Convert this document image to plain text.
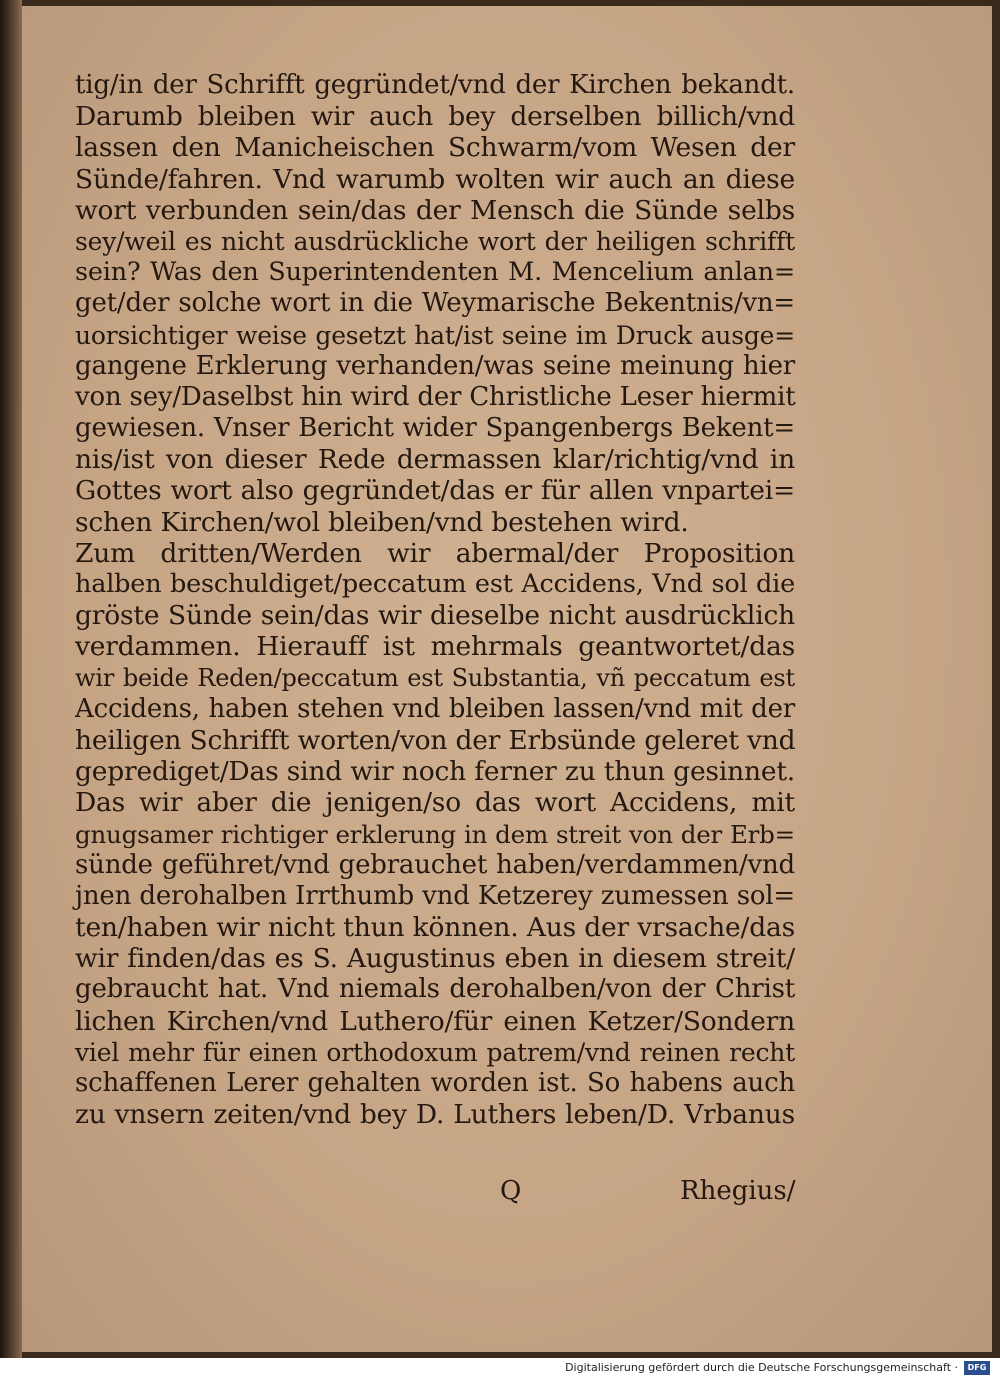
tig/in der Schrifft gegründet/vnd der Kirchen bekandt.
Darumb bleiben wir auch bey derselben billich/vnd
lassen den Manicheischen Schwarm/vom Wesen der
Sünde/fahren. Vnd warumb wolten wir auch an diese
wort verbunden sein/das der Mensch die Sünde selbs
sey/weil es nicht ausdrückliche wort der heiligen schrifft
sein? Was den Superintendenten M. Mencelium anlan=
get/der solche wort in die Weymarische Bekentnis/vn=
uorsichtiger weise gesetzt hat/ist seine im Druck ausge=
gangene Erklerung verhanden/was seine meinung hier
von sey/Daselbst hin wird der Christliche Leser hiermit
gewiesen. Vnser Bericht wider Spangenbergs Bekent=
nis/ist von dieser Rede dermassen klar/richtig/vnd in
Gottes wort also gegründet/das er für allen vnpartei=
schen Kirchen/wol bleiben/vnd bestehen wird.
Zum dritten/Werden wir abermal/der Proposition
halben beschuldiget/peccatum est Accidens, Vnd sol die
gröste Sünde sein/das wir dieselbe nicht ausdrücklich
verdammen. Hierauff ist mehrmals geantwortet/das
wir beide Reden/peccatum est Substantia, vñ peccatum est
Accidens, haben stehen vnd bleiben lassen/vnd mit der
heiligen Schrifft worten/von der Erbsünde geleret vnd
geprediget/Das sind wir noch ferner zu thun gesinnet.
Das wir aber die jenigen/so das wort Accidens, mit
gnugsamer richtiger erklerung in dem streit von der Erb=
sünde geführet/vnd gebrauchet haben/verdammen/vnd
jnen derohalben Irrthumb vnd Ketzerey zumessen sol=
ten/haben wir nicht thun können. Aus der vrsache/das
wir finden/das es S. Augustinus eben in diesem streit/
gebraucht hat. Vnd niemals derohalben/von der Christ
lichen Kirchen/vnd Luthero/für einen Ketzer/Sondern
viel mehr für einen orthodoxum patrem/vnd reinen recht
schaffenen Lerer gehalten worden ist. So habens auch
zu vnsern zeiten/vnd bey D. Luthers leben/D. Vrbanus
Q	Rhegius/
Digitalisierung gefördert durch die Deutsche Forschungsgemeinschaft ·	DFG
